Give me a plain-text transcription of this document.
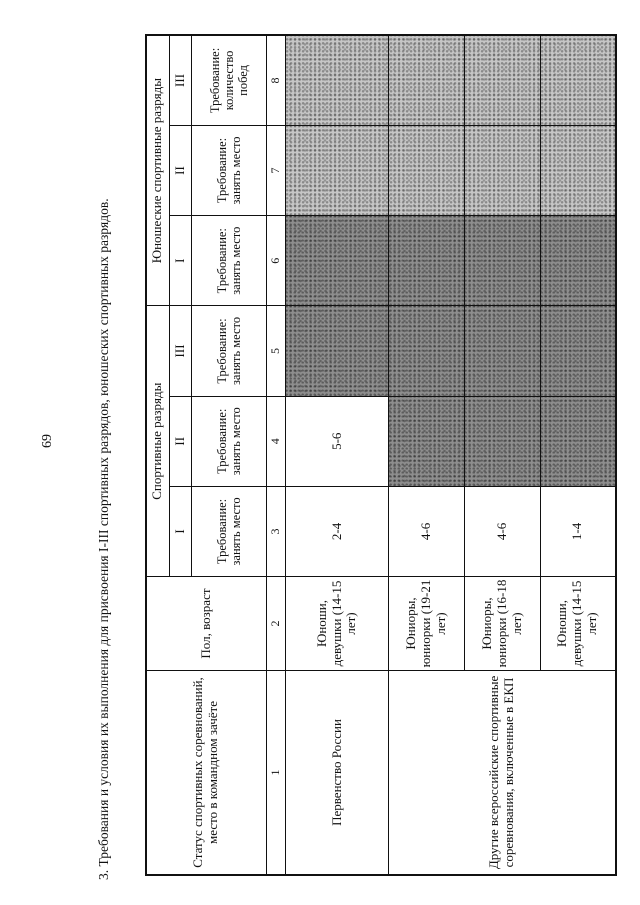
69	3. Требования и условия их выполнения для присвоения I-III спортивных разрядов, юношеских спортивных разрядов.	Статус спортивных соревнований, место в командном зачёте	Пол, возраст	Спортивные разряды			Юношеские спортивные разряды		
		I	II	III	I	II	III
		Требование: занять место	Требование: занять место	Требование: занять место	Требование: занять место	Требование: занять место	Требование: количество побед
1	2	3	4	5	6	7	8
Первенство России	Юноши, девушки (14-15 лет)	2-4	5-6				
Другие всероссийские спортивные соревнования, включенные в ЕКП	Юниоры, юниорки (19-21 лет)	4-6					
	Юниоры, юниорки (16-18 лет)	4-6					
	Юноши, девушки (14-15 лет)	1-4					
